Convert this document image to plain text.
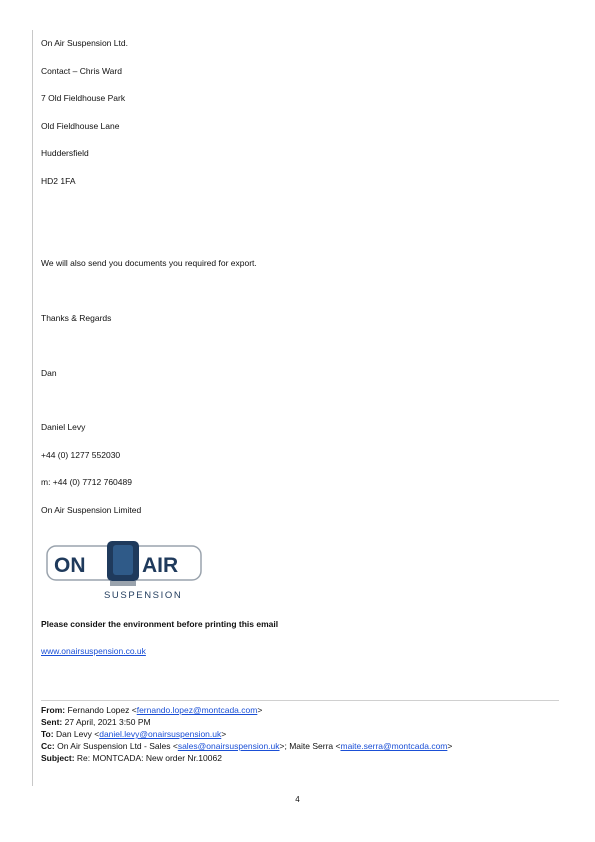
On Air Suspension Ltd.
Contact – Chris Ward
7 Old Fieldhouse Park
Old Fieldhouse Lane
Huddersfield
HD2 1FA
We will also send you documents you required for export.
Thanks & Regards
Dan
Daniel Levy
+44 (0) 1277 552030
m: +44 (0) 7712 760489
On Air Suspension Limited
ON	AIR
SUSPENSION
Please consider the environment before printing this email
www.onairsuspension.co.uk
From: Fernando Lopez <fernando.lopez@montcada.com>
Sent: 27 April, 2021 3:50 PM
To: Dan Levy <daniel.levy@onairsuspension.uk>
Cc: On Air Suspension Ltd - Sales <sales@onairsuspension.uk>; Maite Serra <maite.serra@montcada.com>
Subject: Re: MONTCADA: New order Nr.10062
4
